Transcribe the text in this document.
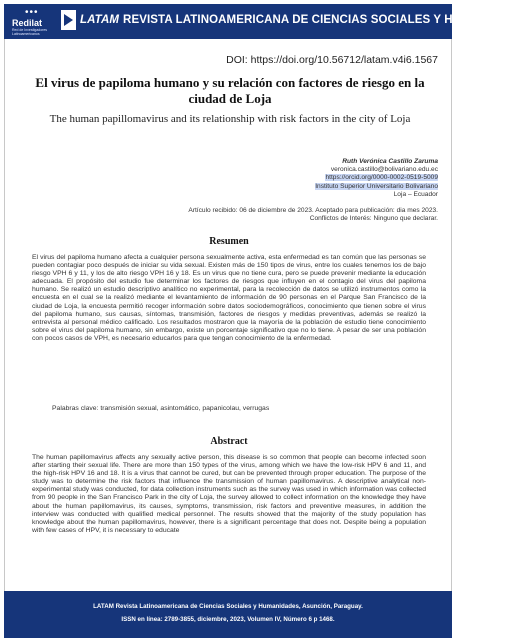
•••
Redilat
Red de Investigadores Latinoamericanos
LATAM REVISTA LATINOAMERICANA DE CIENCIAS SOCIALES Y HUMANIDADES
DOI: https://doi.org/10.56712/latam.v4i6.1567
El virus de papiloma humano y su relación con factores de riesgo en la ciudad de Loja
The human papillomavirus and its relationship with risk factors in the city of Loja
Ruth Verónica Castillo Zaruma
veronica.castillo@bolivariano.edu.ec
https://orcid.org/0000-0002-0519-5009
Instituto Superior Universitario Bolivariano
Loja – Ecuador
Artículo recibido: 06 de diciembre de 2023. Aceptado para publicación: dia mes 2023.
Conflictos de Interés: Ninguno que declarar.
Resumen

El virus del papiloma humano afecta a cualquier persona sexualmente activa, esta enfermedad es tan común que las personas se pueden contagiar poco después de iniciar su vida sexual. Existen más de 150 tipos de virus, entre los cuales tenemos los de bajo riesgo VPH 6 y 11, y los de alto riesgo VPH 16 y 18. Es un virus que no tiene cura, pero se puede prevenir mediante la educación adecuada. El propósito del estudio fue determinar los factores de riesgos que influyen en el contagio del virus del papiloma humano. Se realizó un estudio descriptivo analítico no experimental, para la recolección de datos se utilizó instrumentos como la encuesta en el cual se la realizó mediante el levantamiento de información de 90 personas en el Parque San Francisco de la ciudad de Loja, la encuesta permitió recoger información sobre datos sociodemográficos, conocimiento que tienen sobre el virus del papiloma humano, sus causas, síntomas, transmisión, factores de riesgos y medidas preventivas, además se realizó la entrevista al personal médico calificado. Los resultados mostraron que la mayoría de la población de estudio tiene conocimiento sobre el virus del papiloma humano, sin embargo, existe un porcentaje significativo que no lo tiene. A pesar de ser una población con pocos casos de VPH, es necesario educarlos para que tengan conocimiento de la enfermedad.

Palabras clave: transmisión sexual, asintomático, papanicolau, verrugas
Abstract

The human papillomavirus affects any sexually active person, this disease is so common that people can become infected soon after starting their sexual life. There are more than 150 types of the virus, among which we have the low-risk HPV 6 and 11, and the high-risk HPV 16 and 18. It is a virus that cannot be cured, but can be prevented through proper education. The purpose of the study was to determine the risk factors that influence the transmission of human papillomavirus. A descriptive analytical non-experimental study was conducted, for data collection instruments such as the survey was used in which information was collected from 90 people in the San Francisco Park in the city of Loja, the survey allowed to collect information on the knowledge they have about the human papillomavirus, its causes, symptoms, transmission, risk factors and preventive measures, in addition the interview was conducted with qualified medical personnel. The results showed that the majority of the study population has knowledge about the human papillomavirus, however, there is a significant percentage that does not. Despite being a population with few cases of HPV, it is necessary to educate

LATAM Revista Latinoamericana de Ciencias Sociales y Humanidades, Asunción, Paraguay.
ISSN en línea: 2789-3855, diciembre, 2023, Volumen IV, Número 6 p 1468.
